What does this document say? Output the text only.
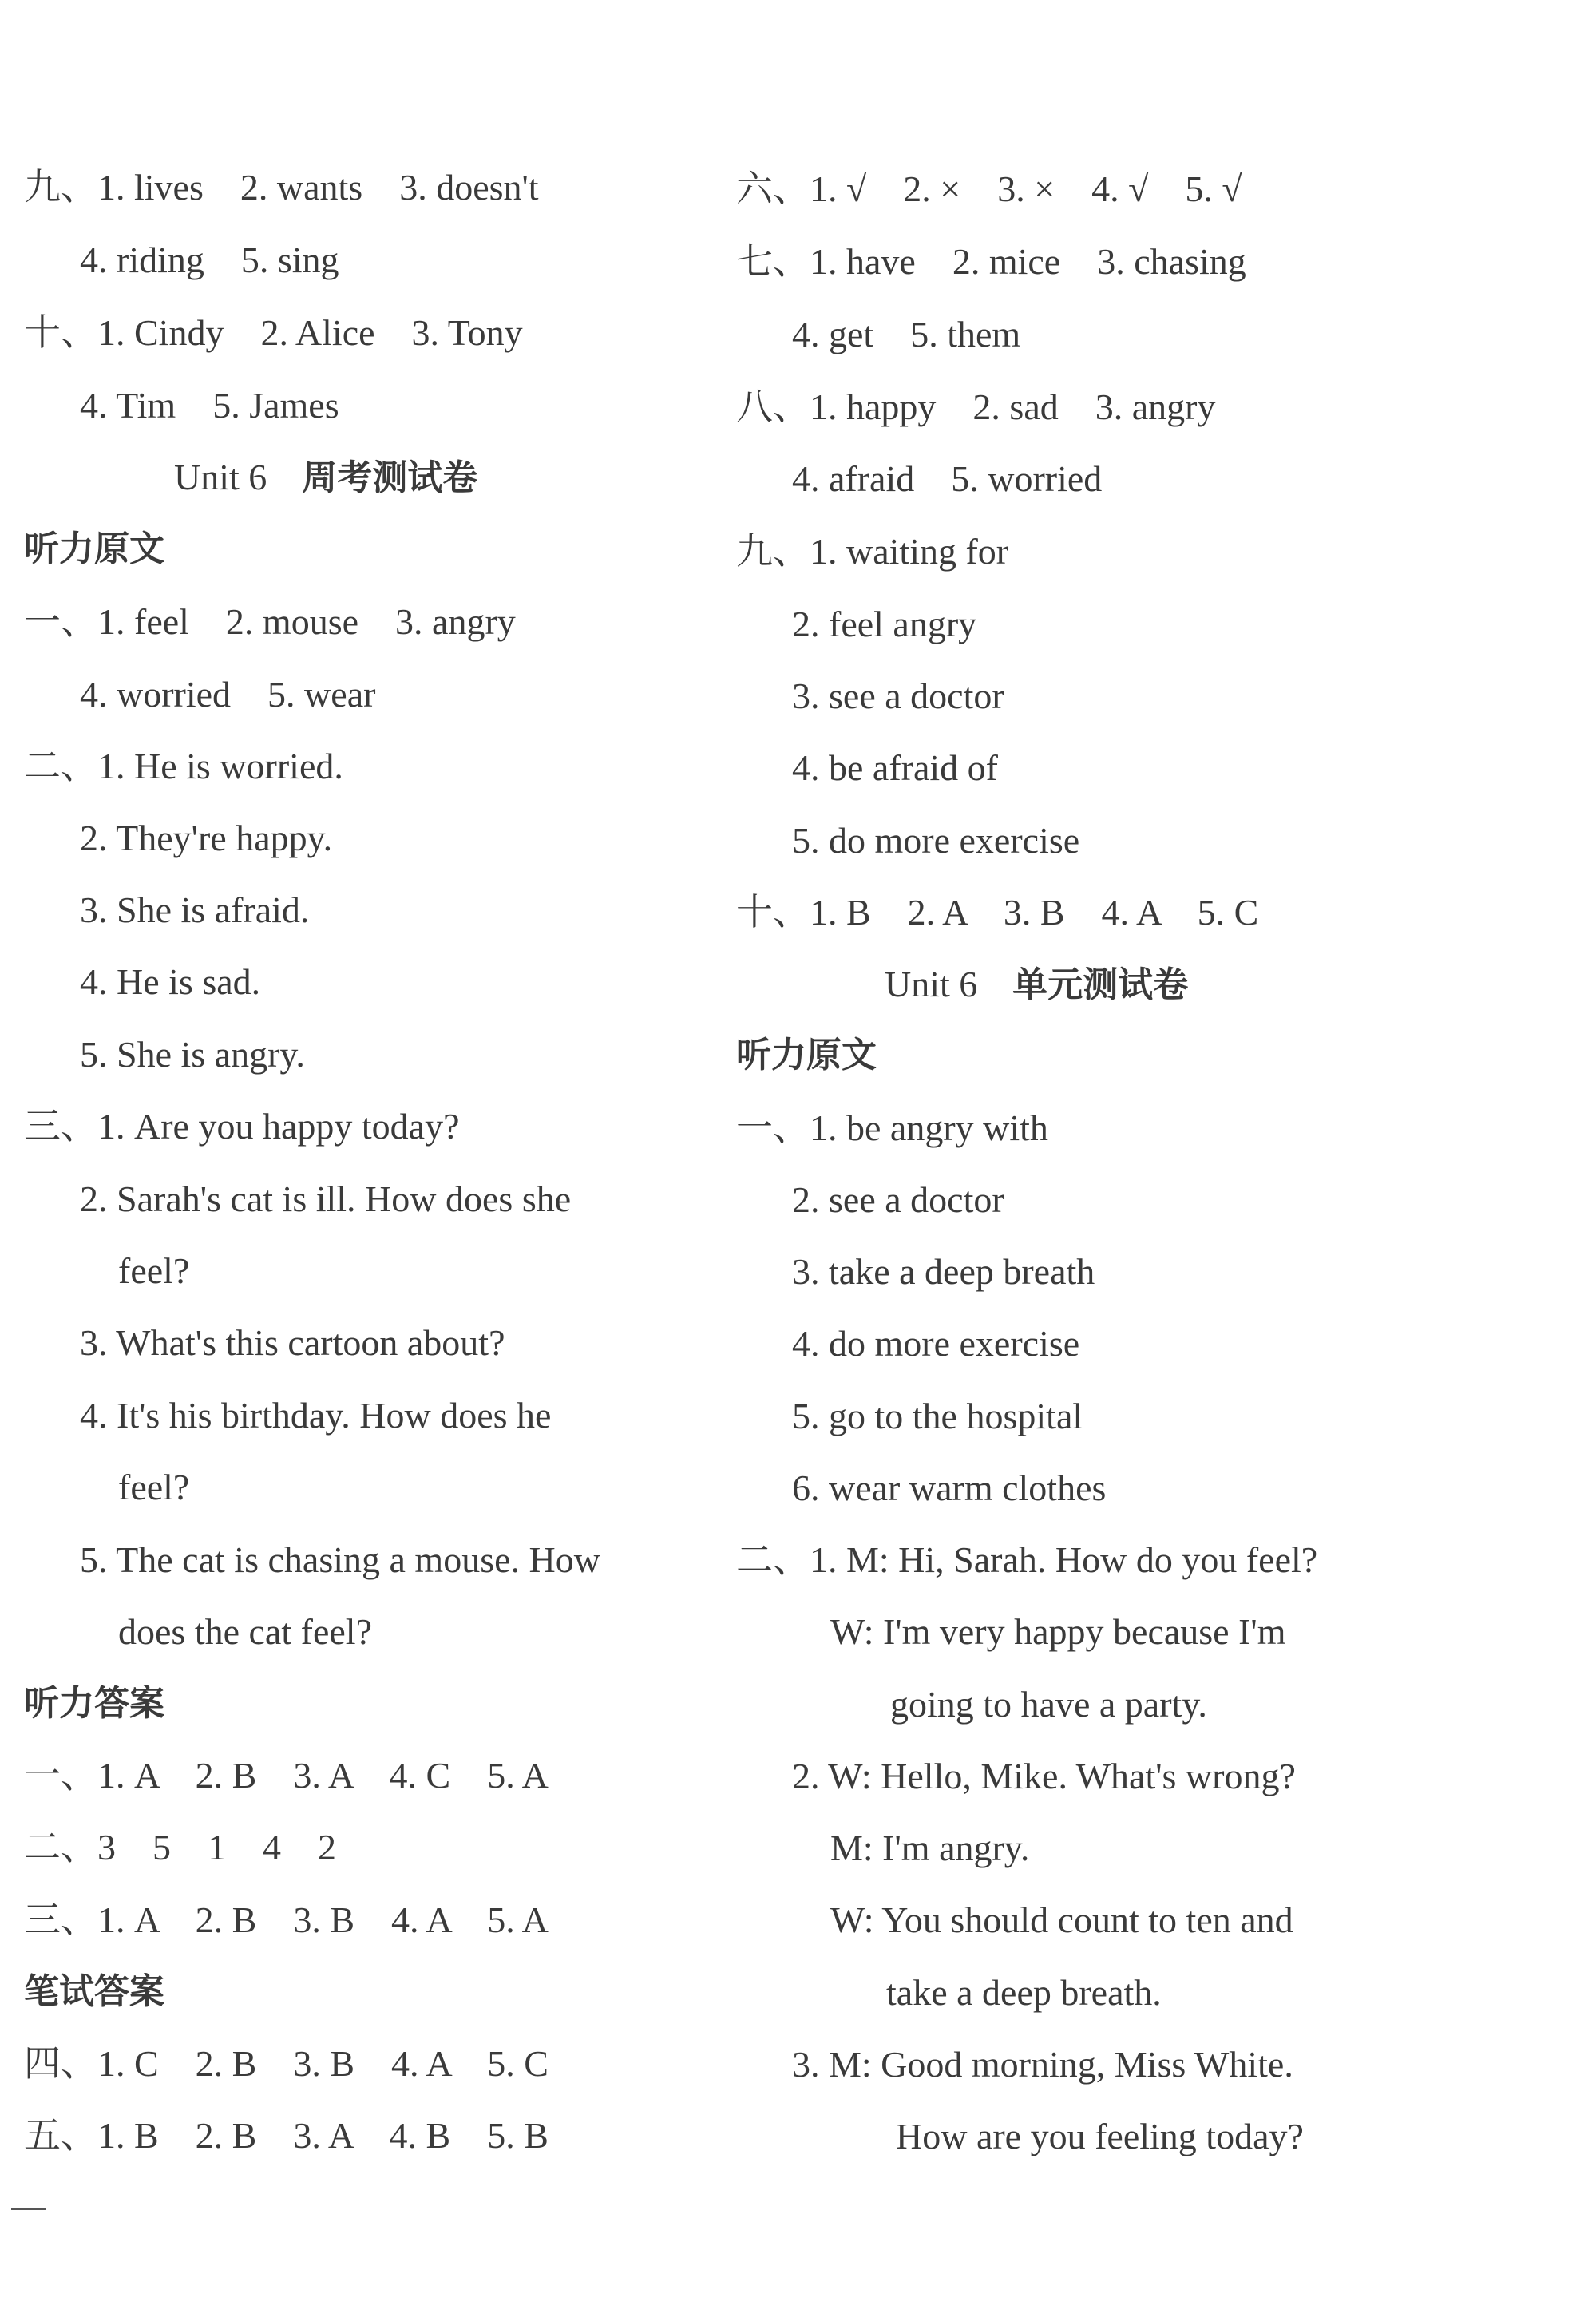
九、1. lives　2. wants　3. doesn't
4. riding　5. sing
十、1. Cindy　2. Alice　3. Tony
4. Tim　5. James
Unit 6 周考测试卷
听力原文
一、1. feel　2. mouse　3. angry
4. worried　5. wear
二、1. He is worried.
2. They're happy.
3. She is afraid.
4. He is sad.
5. She is angry.
三、1. Are you happy today?
2. Sarah's cat is ill. How does she
feel?
3. What's this cartoon about?
4. It's his birthday. How does he
feel?
5. The cat is chasing a mouse. How
does the cat feel?
听力答案
一、1. A　2. B　3. A　4. C　5. A
二、3　5　1　4　2
三、1. A　2. B　3. B　4. A　5. A
笔试答案
四、1. C　2. B　3. B　4. A　5. C
五、1. B　2. B　3. A　4. B　5. B
六、1. √　2. ×　3. ×　4. √　5. √
七、1. have　2. mice　3. chasing
4. get　5. them
八、1. happy　2. sad　3. angry
4. afraid　5. worried
九、1. waiting for
2. feel angry
3. see a doctor
4. be afraid of
5. do more exercise
十、1. B　2. A　3. B　4. A　5. C
Unit 6 单元测试卷
听力原文
一、1. be angry with
2. see a doctor
3. take a deep breath
4. do more exercise
5. go to the hospital
6. wear warm clothes
二、1. M: Hi, Sarah. How do you feel?
W: I'm very happy because I'm
going to have a party.
2. W: Hello, Mike. What's wrong?
M: I'm angry.
W: You should count to ten and
take a deep breath.
3. M: Good morning, Miss White.
How are you feeling today?
